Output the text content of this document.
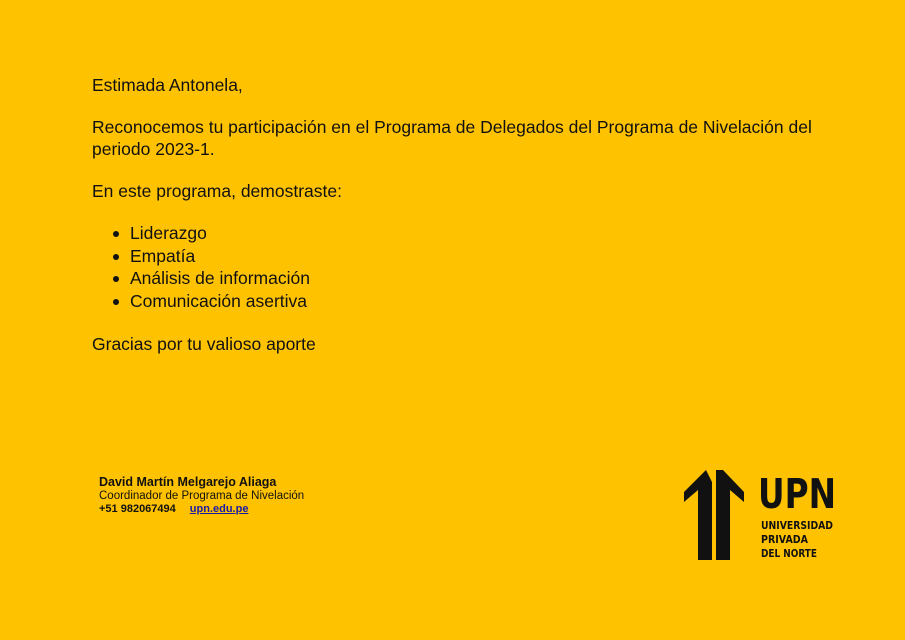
Estimada Antonela,

Reconocemos tu participación en el Programa de Delegados del Programa de Nivelación del periodo 2023-1.

En este programa, demostraste:

Liderazgo
Empatía
Análisis de información
Comunicación asertiva

Gracias por tu valioso aporte

David Martín Melgarejo Aliaga
Coordinador de Programa de Nivelación
+51 982067494 upn.edu.pe	UPN
UNIVERSIDAD
PRIVADA
DEL NORTE
